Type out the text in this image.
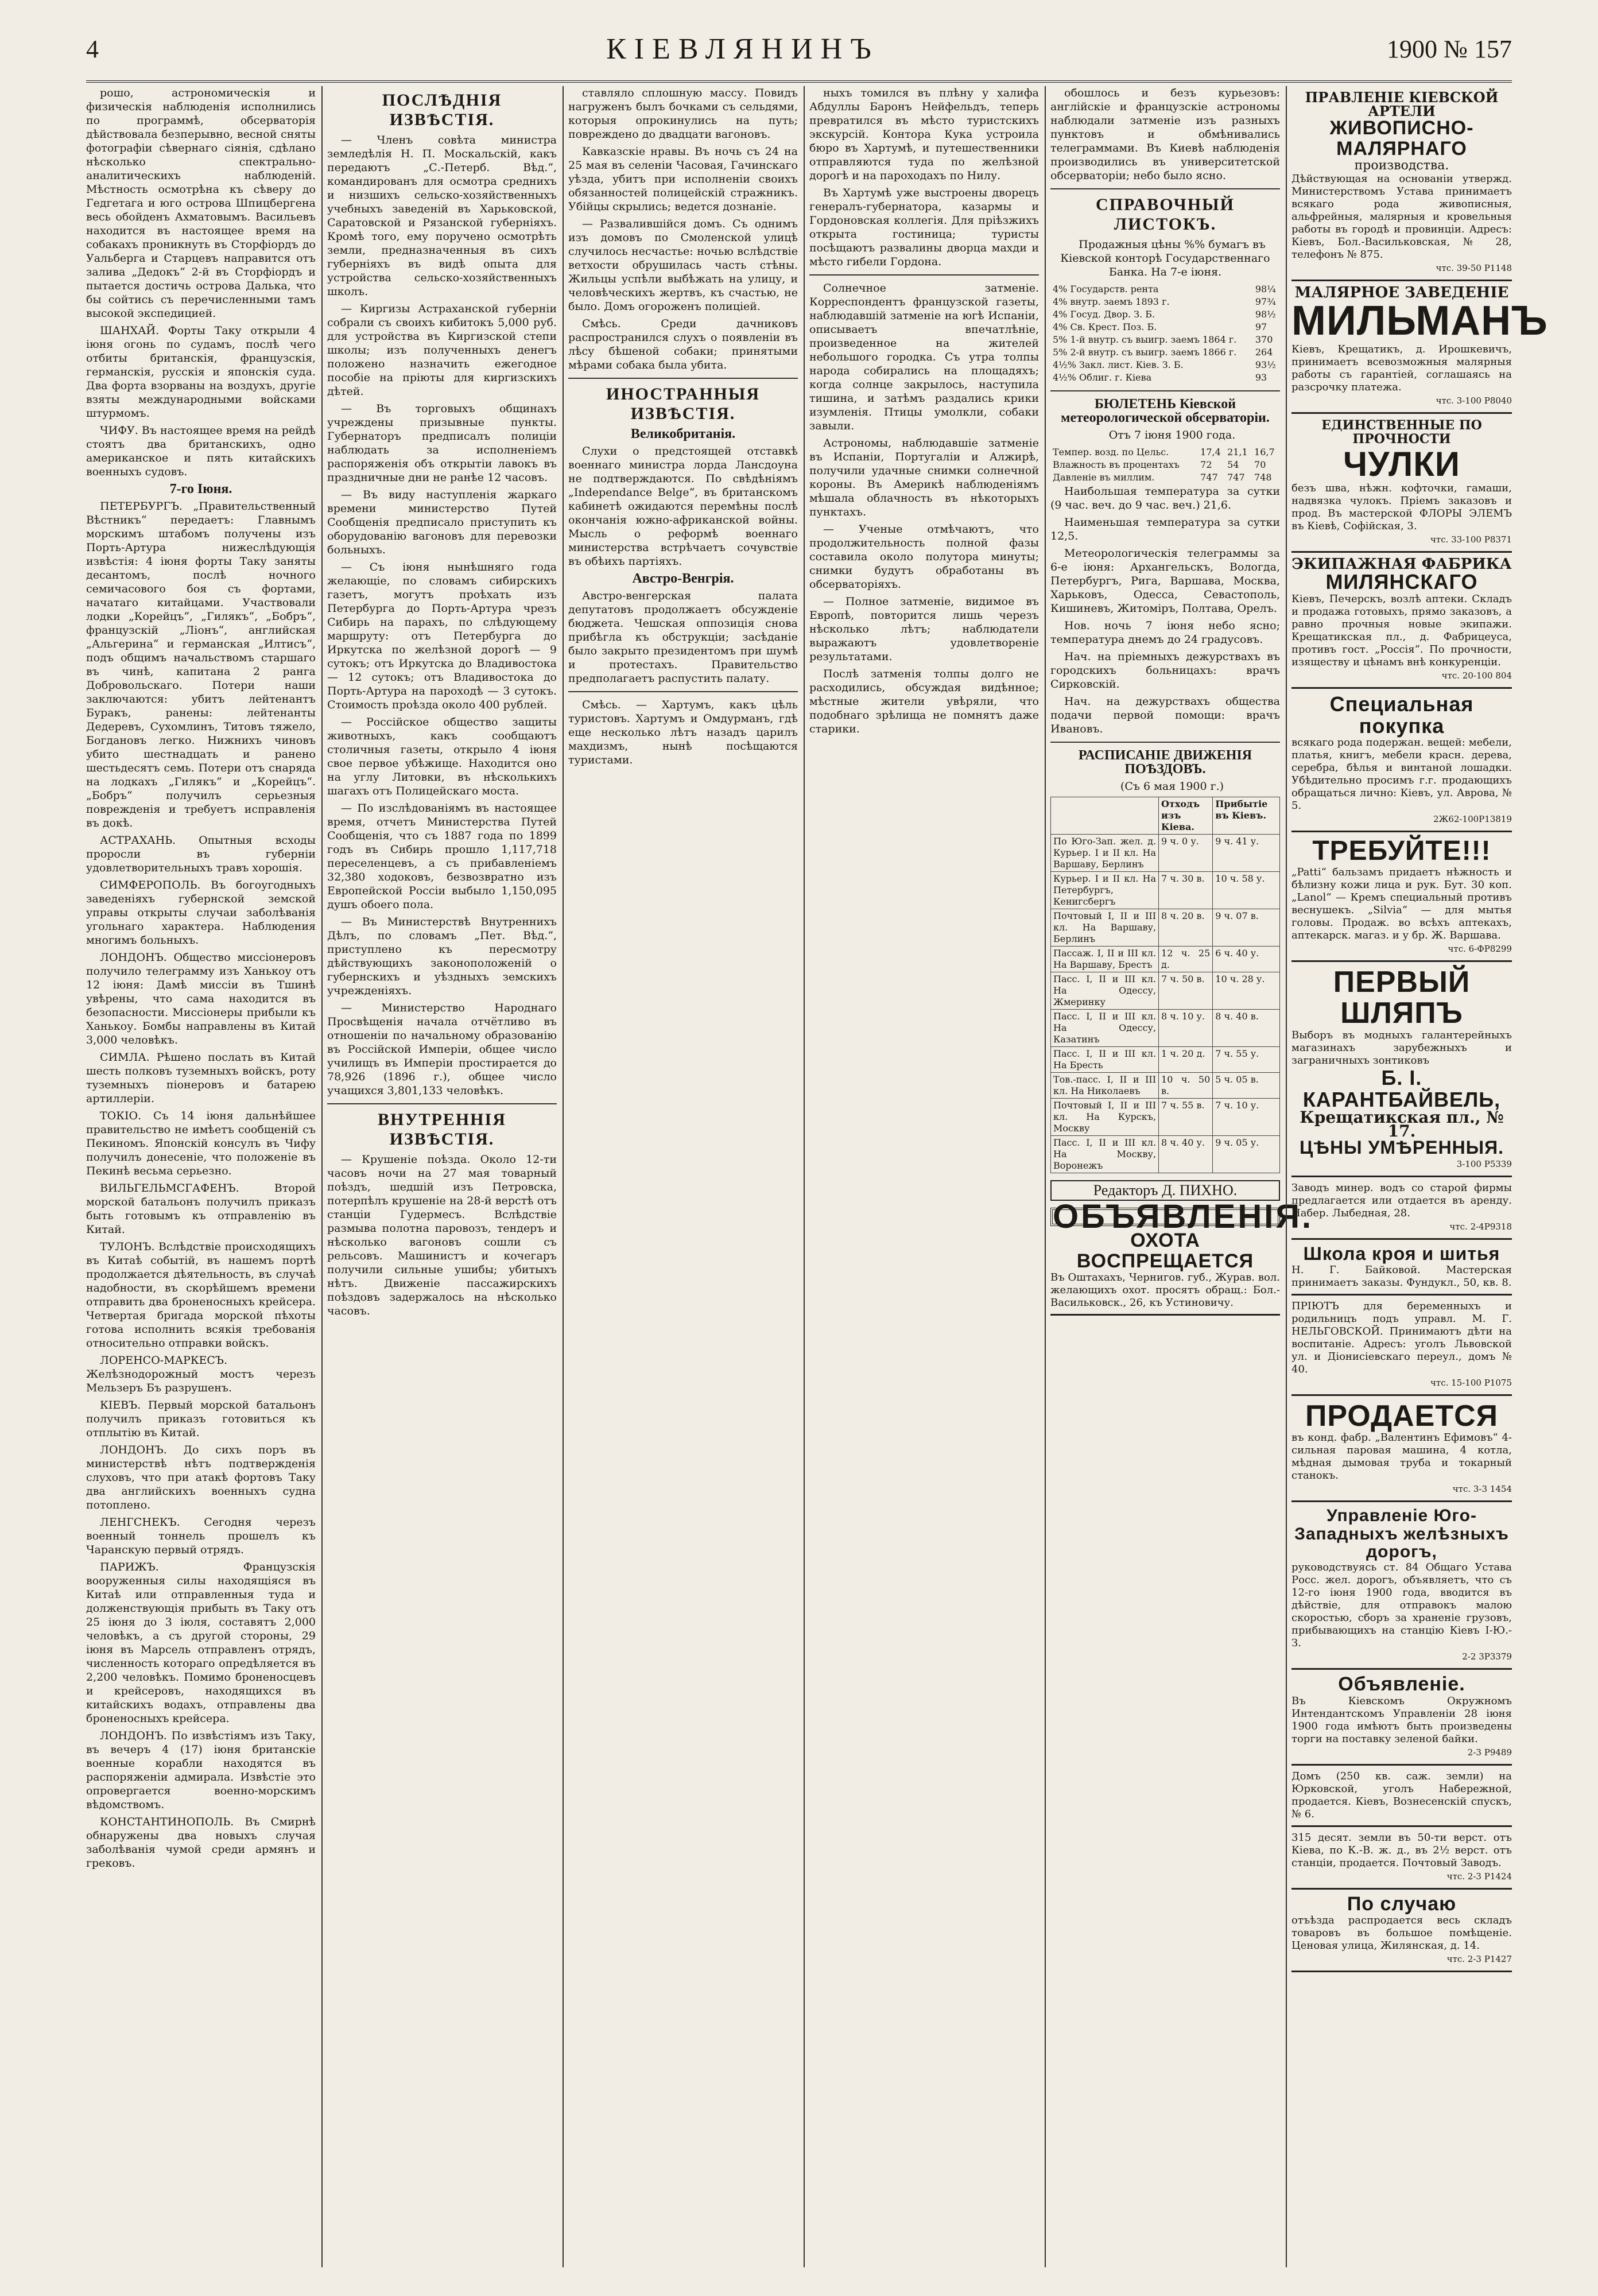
4	КІЕВЛЯНИНЪ	1900 № 157

рошо, астрономическія и физическія наблюденія исполнились по программѣ, обсерваторія дѣйствовала безперывно, весной сняты фотографіи сѣвернаго сіянія, сдѣлано нѣсколько спектрально-аналитическихъ наблюденій. Мѣстность осмотрѣна къ сѣверу до Гедгетага и юго острова Шпицбергена весь обойденъ Ахматовымъ. Васильевъ находится въ настоящее время на собакахъ проникнуть въ Сторфіордъ до Уальберга и Старцевъ направится отъ залива „Дедокъ“ 2-й въ Сторфіордъ и пытается достичь острова Далька, что бы сойтись съ перечисленными тамъ высокой экспедицией.

ШАНХАЙ. Форты Таку открыли 4 іюня огонь по судамъ, послѣ чего отбиты британскія, французскія, германскія, русскія и японскія суда. Два форта взорваны на воздухъ, другіе взяты международными войсками штурмомъ.

ЧИФУ. Въ настоящее время на рейдѣ стоятъ два британскихъ, одно американское и пять китайскихъ военныхъ судовъ.

7-го Іюня.

ПЕТЕРБУРГЪ. „Правительственный Вѣстникъ“ передаетъ: Главнымъ морскимъ штабомъ получены изъ Порть-Артура нижеслѣдующія извѣстія: 4 іюня форты Таку заняты десантомъ, послѣ ночного семичасового боя съ фортами, начатаго китайцами. Участвовали лодки „Корейцъ“, „Гилякъ“, „Бобръ“, французскій „Ліонъ“, английская „Альгерина“ и германская „Илтисъ“, подъ общимъ начальствомъ старшаго въ чинѣ, капитана 2 ранга Добровольскаго. Потери наши заключаются: убитъ лейтенантъ Буракъ, ранены: лейтенанты Дедеревъ, Сухомлинъ, Титовъ тяжело, Богдановъ легко. Нижнихъ чиновъ убито шестнадцать и ранено шестьдесятъ семь. Потери отъ снаряда на лодкахъ „Гилякъ“ и „Корейцъ“. „Бобръ“ получилъ серьезныя поврежденія и требуетъ исправленія въ докѣ.

АСТРАХАНЬ. Опытныя всходы проросли въ губерніи удовлетворительныхъ травъ хорошія.

СИМФЕРОПОЛЬ. Въ богоугодныхъ заведеніяхъ губернской земской управы открыты случаи заболѣванія угольнаго характера. Наблюдения многимъ больныхъ.

ЛОНДОНЪ. Общество миссіонеровъ получило телеграмму изъ Ханькоу отъ 12 іюня: Дамѣ миссіи въ Тшинѣ увѣрены, что сама находится въ безопасности. Миссіонеры прибыли къ Ханькоу. Бомбы направлены въ Китай 3,000 человѣкъ.

СИМЛА. Рѣшено послать въ Китай шесть полковъ туземныхъ войскъ, роту туземныхъ піонеровъ и батарею артиллеріи.

ТОКІО. Съ 14 іюня дальнѣйшее правительство не имѣетъ сообщеній съ Пекиномъ. Японскій консулъ въ Чифу получилъ донесеніе, что положеніе въ Пекинѣ весьма серьезно.

ВИЛЬГЕЛЬМСГАФЕНЪ. Второй морской батальонъ получилъ приказъ быть готовымъ къ отправленію въ Китай.

ТУЛОНЪ. Вслѣдствіе происходящихъ въ Китаѣ событій, въ нашемъ портѣ продолжается дѣятельность, въ случаѣ надобности, въ скорѣйшемъ времени отправить два броненосныхъ крейсера. Четвертая бригада морской пѣхоты готова исполнить всякія требованія относительно отправки войскъ.

ЛОРЕНСО-МАРКЕСЪ. Желѣзнодорожный мостъ черезъ Мельзеръ Бъ разрушенъ.

КІЕВЪ. Первый морской батальонъ получилъ приказъ готовиться къ отплытію въ Китай.

ЛОНДОНЪ. До сихъ поръ въ министерствѣ нѣтъ подтвержденія слуховъ, что при атакѣ фортовъ Таку два английскихъ военныхъ судна потоплено.

ЛЕНГСНЕКЪ. Сегодня черезъ военный тоннель прошелъ къ Чаранскую первый отрядъ.

ПАРИЖЪ. Французскія вооруженныя силы находящіяся въ Китаѣ или отправленныя туда и долженствующія прибыть въ Таку отъ 25 іюня до 3 іюля, составятъ 2,000 человѣкъ, а съ другой стороны, 29 іюня въ Марсель отправленъ отрядъ, численность котораго опредѣляется въ 2,200 человѣкъ. Помимо броненосцевъ и крейсеровъ, находящихся въ китайскихъ водахъ, отправлены два броненосныхъ крейсера.

ЛОНДОНЪ. По извѣстіямъ изъ Таку, въ вечеръ 4 (17) іюня британскіе военные корабли находятся въ распоряженіи адмирала. Извѣстіе это опровергается военно-морскимъ вѣдомствомъ.

КОНСТАНТИНОПОЛЬ. Въ Смирнѣ обнаружены два новыхъ случая заболѣванія чумой среди армянъ и грековъ.

ПОСЛѢДНІЯ ИЗВѢСТІЯ.

— Членъ совѣта министра земледѣлія Н. П. Москальскій, какъ передаютъ „С.-Петерб. Вѣд.“, командированъ для осмотра среднихъ и низшихъ сельско-хозяйственныхъ учебныхъ заведеній въ Харьковской, Саратовской и Рязанской губерніяхъ. Кромѣ того, ему поручено осмотрѣть земли, предназначенныя въ сихъ губерніяхъ въ видѣ опыта для устройства сельско-хозяйственныхъ школъ.

— Киргизы Астраханской губерніи собрали съ своихъ кибитокъ 5,000 руб. для устройства въ Киргизской степи школы; изъ полученныхъ денегъ положено назначить ежегодное пособіе на пріюты для киргизскихъ дѣтей.

— Въ торговыхъ общинахъ учреждены призывные пункты. Губернаторъ предписалъ полиціи наблюдать за исполненіемъ распоряженія объ открытіи лавокъ въ праздничные дни не ранѣе 12 часовъ.

— Въ виду наступленія жаркаго времени министерство Путей Сообщенія предписало приступить къ оборудованію вагоновъ для перевозки больныхъ.

— Съ іюня нынѣшняго года желающіе, по словамъ сибирскихъ газетъ, могутъ проѣхать изъ Петербурга до Порть-Артура чрезъ Сибирь на парахъ, по слѣдующему маршруту: отъ Петербурга до Иркутска по желѣзной дорогѣ — 9 сутокъ; отъ Иркутска до Владивостока — 12 сутокъ; отъ Владивостока до Порть-Артура на пароходѣ — 3 сутокъ. Стоимость проѣзда около 400 рублей.

— Россійское общество защиты животныхъ, какъ сообщаютъ столичныя газеты, открыло 4 іюня свое первое убѣжище. Находится оно на углу Литовки, въ нѣсколькихъ шагахъ отъ Полицейскаго моста.

— По изслѣдованіямъ въ настоящее время, отчетъ Министерства Путей Сообщенія, что съ 1887 года по 1899 годъ въ Сибирь прошло 1,117,718 переселенцевъ, а съ прибавленіемъ 32,380 ходоковъ, безвозвратно изъ Европейской Россіи выбыло 1,150,095 душъ обоего пола.

— Въ Министерствѣ Внутреннихъ Дѣлъ, по словамъ „Пет. Вѣд.“, приступлено къ пересмотру дѣйствующихъ законоположеній о губернскихъ и уѣздныхъ земскихъ учрежденіяхъ.

— Министерство Народнаго Просвѣщенія начала отчётливо въ отношеніи по начальному образованію въ Россійской Имперіи, общее число училищъ въ Имперіи простирается до 78,926 (1896 г.), общее число учащихся 3,801,133 человѣкъ.

ВНУТРЕННІЯ ИЗВѢСТІЯ.

— Крушеніе поѣзда. Около 12-ти часовъ ночи на 27 мая товарный поѣздъ, шедшій изъ Петровска, потерпѣлъ крушеніе на 28-й верстѣ отъ станціи Гудермесъ. Вслѣдствіе размыва полотна паровозъ, тендеръ и нѣсколько вагоновъ сошли съ рельсовъ. Машинистъ и кочегаръ получили сильные ушибы; убитыхъ нѣтъ. Движеніе пассажирскихъ поѣздовъ задержалось на нѣсколько часовъ.

ставляло сплошную массу. Повидъ нагруженъ былъ бочками съ сельдями, которыя опрокинулись на путь; повреждено до двадцати вагоновъ.

Кавказскіе нравы. Въ ночь съ 24 на 25 мая въ селеніи Часовая, Гачинскаго уѣзда, убитъ при исполненіи своихъ обязанностей полицейскій стражникъ. Убійцы скрылись; ведется дознаніе.

— Развалившійся домъ. Съ однимъ изъ домовъ по Смоленской улицѣ случилось несчастье: ночью вслѣдствіе ветхости обрушилась часть стѣны. Жильцы успѣли выбѣжать на улицу, и человѣческихъ жертвъ, къ счастью, не было. Домъ огороженъ полиціей.

Смѣсь. Среди дачниковъ распространился слухъ о появленіи въ лѣсу бѣшеной собаки; принятыми мѣрами собака была убита.

ИНОСТРАННЫЯ ИЗВѢСТІЯ.
Великобританія.

Слухи о предстоящей отставкѣ военнаго министра лорда Лансдоуна не подтверждаются. По свѣдѣніямъ „Independance Belge“, въ британскомъ кабинетѣ ожидаются перемѣны послѣ окончанія южно-африканской войны. Мысль о реформѣ военнаго министерства встрѣчаетъ сочувствіе въ обѣихъ партіяхъ.

Австро-Венгрія.

Австро-венгерская палата депутатовъ продолжаетъ обсужденіе бюджета. Чешская оппозиція снова прибѣгла къ обструкціи; засѣданіе было закрыто президентомъ при шумѣ и протестахъ. Правительство предполагаетъ распустить палату.

Смѣсь. — Хартумъ, какъ цѣль туристовъ. Хартумъ и Омдурманъ, гдѣ еще несколько лѣтъ назадъ царилъ махдизмъ, нынѣ посѣщаются туристами.

ныхъ томился въ плѣну у халифа Абдуллы Баронъ Нейфельдъ, теперь превратился въ мѣсто туристскихъ экскурсій. Контора Кука устроила бюро въ Хартумѣ, и путешественники отправляются туда по желѣзной дорогѣ и на пароходахъ по Нилу.

Въ Хартумѣ уже выстроены дворецъ генералъ-губернатора, казармы и Гордоновская коллегія. Для пріѣзжихъ открыта гостиница; туристы посѣщаютъ развалины дворца махди и мѣсто гибели Гордона.

Солнечное затменіе. Корреспондентъ французской газеты, наблюдавшій затменіе на югѣ Испаніи, описываетъ впечатлѣніе, произведенное на жителей небольшого городка. Съ утра толпы народа собирались на площадяхъ; когда солнце закрылось, наступила тишина, и затѣмъ раздались крики изумленія. Птицы умолкли, собаки завыли.

Астрономы, наблюдавшіе затменіе въ Испаніи, Португаліи и Алжирѣ, получили удачные снимки солнечной короны. Въ Америкѣ наблюденіямъ мѣшала облачность въ нѣкоторыхъ пунктахъ.

— Ученые отмѣчаютъ, что продолжительность полной фазы составила около полутора минуты; снимки будутъ обработаны въ обсерваторіяхъ.

— Полное затменіе, видимое въ Европѣ, повторится лишь черезъ нѣсколько лѣтъ; наблюдатели выражаютъ удовлетвореніе результатами.

Послѣ затменія толпы долго не расходились, обсуждая видѣнное; мѣстные жители увѣряли, что подобнаго зрѣлища не помнятъ даже старики.

обошлось и безъ курьезовъ: англійскіе и французскіе астрономы наблюдали затменіе изъ разныхъ пунктовъ и обмѣнивались телеграммами. Въ Киевѣ наблюденія производились въ университетской обсерваторіи; небо было ясно.

СПРАВОЧНЫЙ ЛИСТОКЪ.

Продажныя цѣны %% бумагъ въ Кіевской конторѣ Государственнаго Банка. На 7-е іюня.

4% Государств. рента	98¼
4% внутр. заемъ 1893 г.	97¾
4% Госуд. Двор. З. Б.	98½
4% Св. Крест. Поз. Б.	97
5% 1-й внутр. съ выигр. заемъ 1864 г.	370
5% 2-й внутр. съ выигр. заемъ 1866 г.	264
4½% Закл. лист. Кіев. З. Б.	93½
4½% Облиг. г. Кіева	93
БЮЛЕТЕНЬ Кіевской метеорологической обсерваторіи.

Отъ 7 іюня 1900 года.

Темпер. возд. по Цельс.	17,4	21,1	16,7
Влажность въ процентахъ	72	54	70
Давленіе въ миллим.	747	747	748

Наибольшая температура за сутки (9 час. веч. до 9 час. веч.) 21,6.

Наименьшая температура за сутки 12,5.

Метеорологическія телеграммы за 6-е іюня: Архангельскъ, Вологда, Петербургъ, Рига, Варшава, Москва, Харьковъ, Одесса, Севастополь, Кишиневъ, Житоміръ, Полтава, Орелъ.

Нов. ночь 7 іюня небо ясно; температура днемъ до 24 градусовъ.

Нач. на пріемныхъ дежурствахъ въ городскихъ больницахъ: врачъ Сирковскій.

Нач. на дежурствахъ общества подачи первой помощи: врачъ Ивановъ.

РАСПИСАНІЕ ДВИЖЕНІЯ ПОѢЗДОВЪ.

(Съ 6 мая 1900 г.)

	Отходъ изъ Кіева.	Прибытіе въ Кіевъ.
По Юго-Зап. жел. д. Курьер. I и II кл. На Варшаву, Берлинъ	9 ч. 0 у.	9 ч. 41 у.
Курьер. I и II кл. На Петербургъ, Кенигсбергъ	7 ч. 30 в.	10 ч. 58 у.
Почтовый I, II и III кл. На Варшаву, Берлинъ	8 ч. 20 в.	9 ч. 07 в.
Пассаж. I, II и III кл. На Варшаву, Брестъ	12 ч. 25 д.	6 ч. 40 у.
Пасс. I, II и III кл. На Одессу, Жмеринку	7 ч. 50 в.	10 ч. 28 у.
Пасс. I, II и III кл. На Одессу, Казатинъ	8 ч. 10 у.	8 ч. 40 в.
Пасс. I, II и III кл. На Бресть	1 ч. 20 д.	7 ч. 55 у.
Тов.-пасс. I, II и III кл. На Николаевъ	10 ч. 50 в.	5 ч. 05 в.
Почтовый I, II и III кл. На Курскъ, Москву	7 ч. 55 в.	7 ч. 10 у.
Пасс. I, II и III кл. На Москву, Воронежъ	8 ч. 40 у.	9 ч. 05 у.
Редакторъ Д. ПИХНО.
ОБЪЯВЛЕНІЯ.
ОХОТА ВОСПРЕЩАЕТСЯ
Въ Оштахахъ, Чернигов. губ., Журав. вол. желающихъ охот. просятъ обращ.: Бол.-Васильковск., 26, къ Устиновичу.
ПРАВЛЕНІЕ КІЕВСКОЙ АРТЕЛИ
ЖИВОПИСНО-МАЛЯРНАГО
производства.
Дѣйствующая на основаніи утвержд. Министерствомъ Устава принимаетъ всякаго рода живописныя, альфрейныя, малярныя и кровельныя работы въ городѣ и провинціи. Адресъ: Кіевъ, Бол.-Васильковская, № 28, телефонъ № 875.
чтс. 39-50 Р1148
МАЛЯРНОЕ ЗАВЕДЕНІЕ
МИЛЬМАНЪ
Кіевъ, Крещатикъ, д. Ирошкевичъ, принимаетъ всевозможныя малярныя работы съ гарантіей, соглашаясь на разсрочку платежа.
чтс. 3-100 Р8040
ЕДИНСТВЕННЫЕ ПО ПРОЧНОСТИ
ЧУЛКИ
безъ шва, нѣжн. кофточки, гамаши, надвязка чулокъ. Пріемъ заказовъ и прод. Въ мастерской ФЛОРЫ ЭЛЕМЪ въ Кіевѣ, Софійская, 3.
чтс. 33-100 Р8371
ЭКИПАЖНАЯ ФАБРИКА
МИЛЯНСКАГО
Кіевъ, Печерскъ, возлѣ аптеки. Складъ и продажа готовыхъ, прямо заказовъ, а равно прочныя новые экипажи. Крещатикская пл., д. Фабрицеуса, противъ гост. „Россія“. По прочности, изяществу и цѣнамъ внѣ конкуренціи.
чтс. 20-100 804
Специальная покупка
всякаго рода подержан. вещей: мебели, платья, книгъ, мебели красн. дерева, серебра, бѣлья и винтаной лошадки. Убѣдительно просимъ г.г. продающихъ обращаться лично: Кіевъ, ул. Аврова, № 5.
2Ж62-100Р13819
ТРЕБУЙТЕ!!!
„Patti“ бальзамъ придаетъ нѣжность и бѣлизну кожи лица и рук. Бут. 30 коп. „Lanol“ — Кремъ специальный противъ веснушекъ. „Silvia“ — для мытья головы. Продаж. во всѣхъ аптекахъ, аптекарск. магаз. и у бр. Ж. Варшава.
чтс. 6-ФР8299
ПЕРВЫЙ ШЛЯПЪ
Выборъ въ модныхъ галантерейныхъ магазинахъ зарубежныхъ и заграничныхъ зонтиковъ
Б. I. КАРАНТБАЙВЕЛЬ,
Крещатикская пл., № 17.
ЦѢНЫ УМѢРЕННЫЯ.
3-100 Р5339
Заводъ минер. водъ со старой фирмы предлагается или отдается въ аренду. Набер. Лыбедная, 28.
чтс. 2-4Р9318
Школа кроя и шитья
Н. Г. Байковой. Мастерская принимаетъ заказы. Фундукл., 50, кв. 8.
ПРІЮТЪ для беременныхъ и родильницъ подъ управл. М. Г. НЕЛЬГОВСКОЙ. Принимаютъ дѣти на воспитаніе. Адресъ: уголъ Львовской ул. и Діонисіевскаго переул., домъ № 40.
чтс. 15-100 Р1075
ПРОДАЕТСЯ
въ конд. фабр. „Валентинъ Ефимовъ“ 4-сильная паровая машина, 4 котла, мѣдная дымовая труба и токарный станокъ.
чтс. 3-3 1454
Управленіе Юго-Западныхъ желѣзныхъ дорогъ,
руководствуясь ст. 84 Общаго Устава Росс. жел. дорогъ, объявляетъ, что съ 12-го іюня 1900 года, вводится въ дѣйствіе, для отправокъ малою скоростью, сборъ за храненіе грузовъ, прибывающихъ на станцію Кіевъ I-Ю.-З.
2-2 3Р3379
Объявленіе.
Въ Кіевскомъ Окружномъ Интендантскомъ Управленіи 28 іюня 1900 года имѣютъ быть произведены торги на поставку зеленой байки.
2-3 Р9489
Домъ (250 кв. саж. земли) на Юрковской, уголъ Набережной, продается. Кіевъ, Вознесенскій спускъ, № 6.
315 десят. земли въ 50-ти верст. отъ Кіева, по К.-В. ж. д., въ 2½ верст. отъ станціи, продается. Почтовый Заводъ.
чтс. 2-3 Р1424
По случаю
отъѣзда распродается весь складъ товаровъ въ большое помѣщеніе. Ценовая улица, Жилянская, д. 14.
чтс. 2-3 Р1427
